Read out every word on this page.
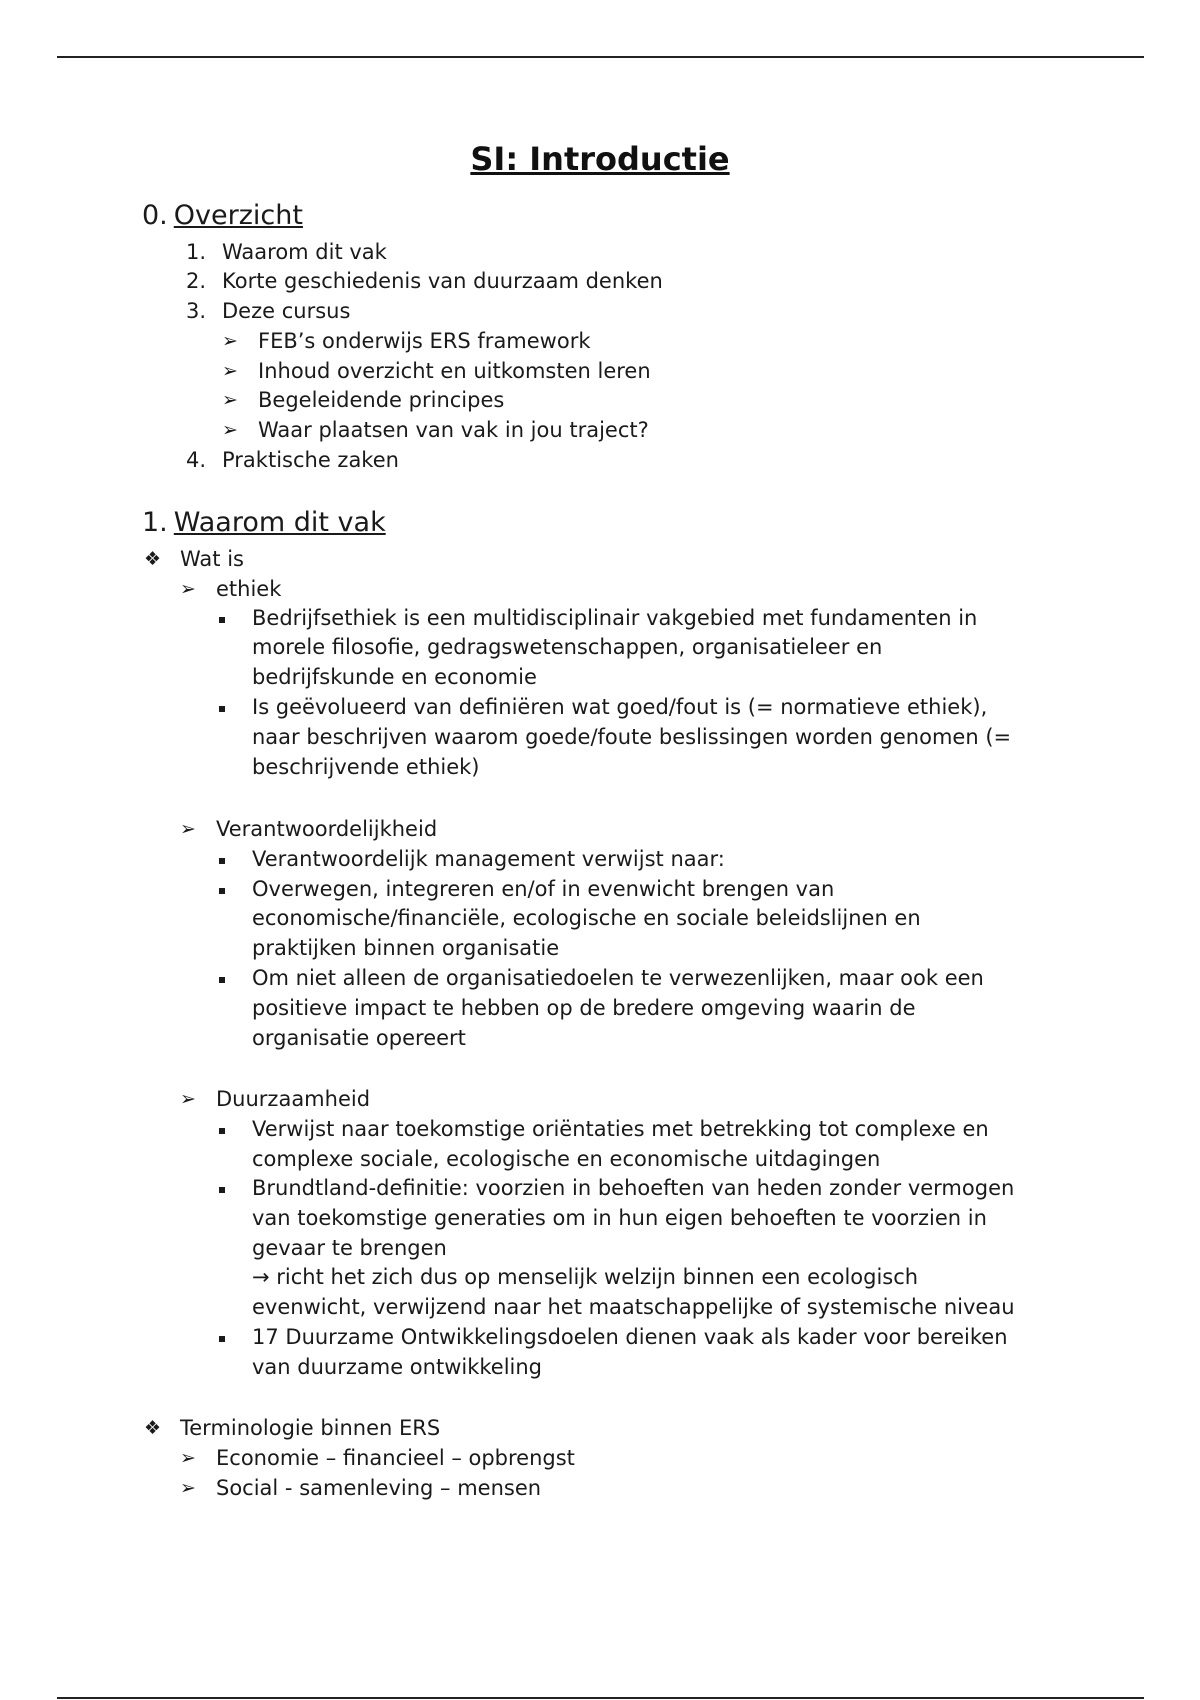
SI: Introductie
0. Overzicht
1. Waarom dit vak
2. Korte geschiedenis van duurzaam denken
3. Deze cursus
➢ FEB’s onderwijs ERS framework
➢ Inhoud overzicht en uitkomsten leren
➢ Begeleidende principes
➢ Waar plaatsen van vak in jou traject?
4. Praktische zaken
1. Waarom dit vak
❖ Wat is
➢ ethiek
Bedrijfsethiek is een multidisciplinair vakgebied met fundamenten in
morele filosofie, gedragswetenschappen, organisatieleer en
bedrijfskunde en economie
Is geëvolueerd van definiëren wat goed/fout is (= normatieve ethiek),
naar beschrijven waarom goede/foute beslissingen worden genomen (=
beschrijvende ethiek)
➢ Verantwoordelijkheid
Verantwoordelijk management verwijst naar:
Overwegen, integreren en/of in evenwicht brengen van
economische/financiële, ecologische en sociale beleidslijnen en
praktijken binnen organisatie
Om niet alleen de organisatiedoelen te verwezenlijken, maar ook een
positieve impact te hebben op de bredere omgeving waarin de
organisatie opereert
➢ Duurzaamheid
Verwijst naar toekomstige oriëntaties met betrekking tot complexe en
complexe sociale, ecologische en economische uitdagingen
Brundtland-definitie: voorzien in behoeften van heden zonder vermogen
van toekomstige generaties om in hun eigen behoeften te voorzien in
gevaar te brengen
→ richt het zich dus op menselijk welzijn binnen een ecologisch
evenwicht, verwijzend naar het maatschappelijke of systemische niveau
17 Duurzame Ontwikkelingsdoelen dienen vaak als kader voor bereiken
van duurzame ontwikkeling
❖ Terminologie binnen ERS
➢ Economie – financieel – opbrengst
➢ Social - samenleving – mensen
